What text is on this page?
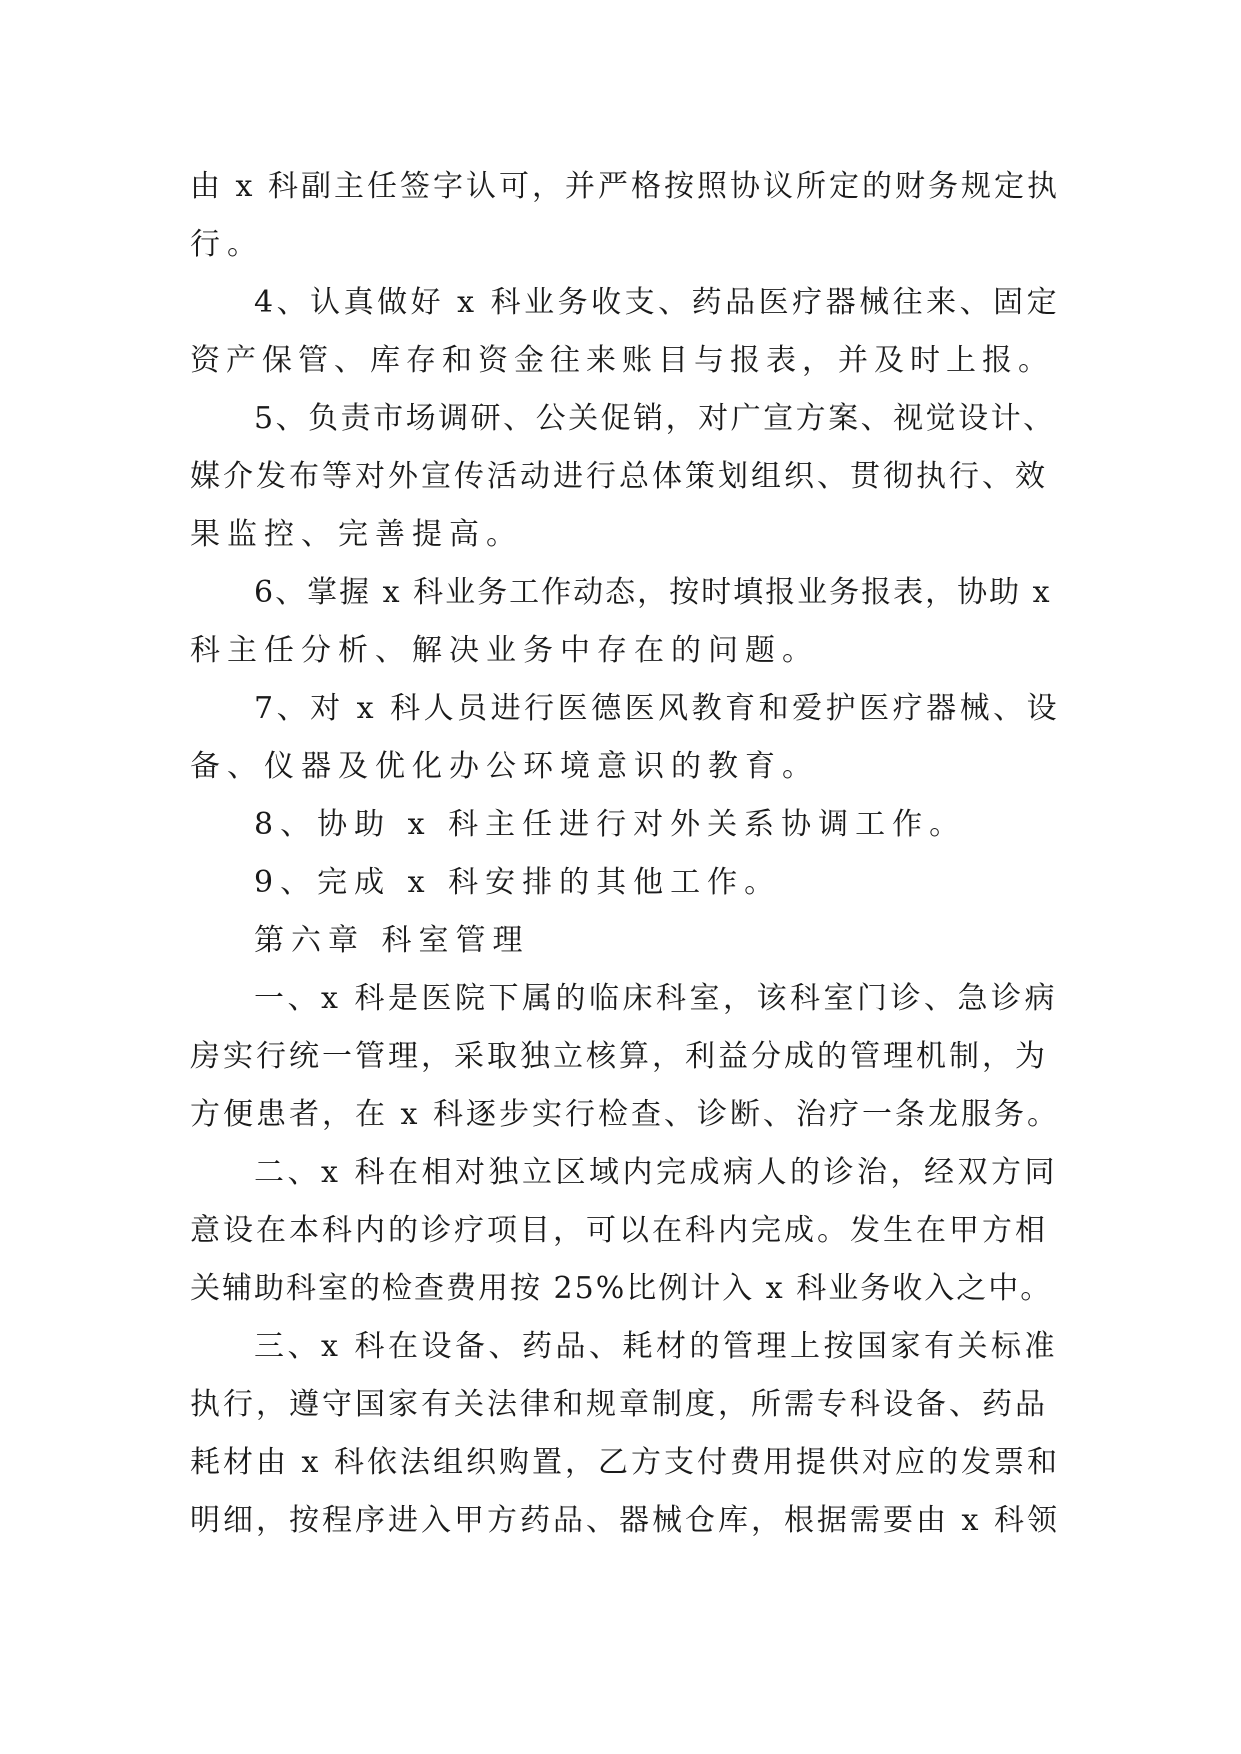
由 x 科副主任签字认可，并严格按照协议所定的财务规定执
行。
4、认真做好 x 科业务收支、药品医疗器械往来、固定
资产保管、库存和资金往来账目与报表，并及时上报。
5、负责市场调研、公关促销，对广宣方案、视觉设计、
媒介发布等对外宣传活动进行总体策划组织、贯彻执行、效
果监控、完善提高。
6、掌握 x 科业务工作动态，按时填报业务报表，协助 x
科主任分析、解决业务中存在的问题。
7、对 x 科人员进行医德医风教育和爱护医疗器械、设
备、仪器及优化办公环境意识的教育。
8、协助 x 科主任进行对外关系协调工作。
9、完成 x 科安排的其他工作。
第六章 科室管理
一、x 科是医院下属的临床科室，该科室门诊、急诊病
房实行统一管理，采取独立核算，利益分成的管理机制，为
方便患者，在 x 科逐步实行检查、诊断、治疗一条龙服务。
二、x 科在相对独立区域内完成病人的诊治，经双方同
意设在本科内的诊疗项目，可以在科内完成。发生在甲方相
关辅助科室的检查费用按 25%比例计入 x 科业务收入之中。
三、x 科在设备、药品、耗材的管理上按国家有关标准
执行，遵守国家有关法律和规章制度，所需专科设备、药品
耗材由 x 科依法组织购置，乙方支付费用提供对应的发票和
明细，按程序进入甲方药品、器械仓库，根据需要由 x 科领
